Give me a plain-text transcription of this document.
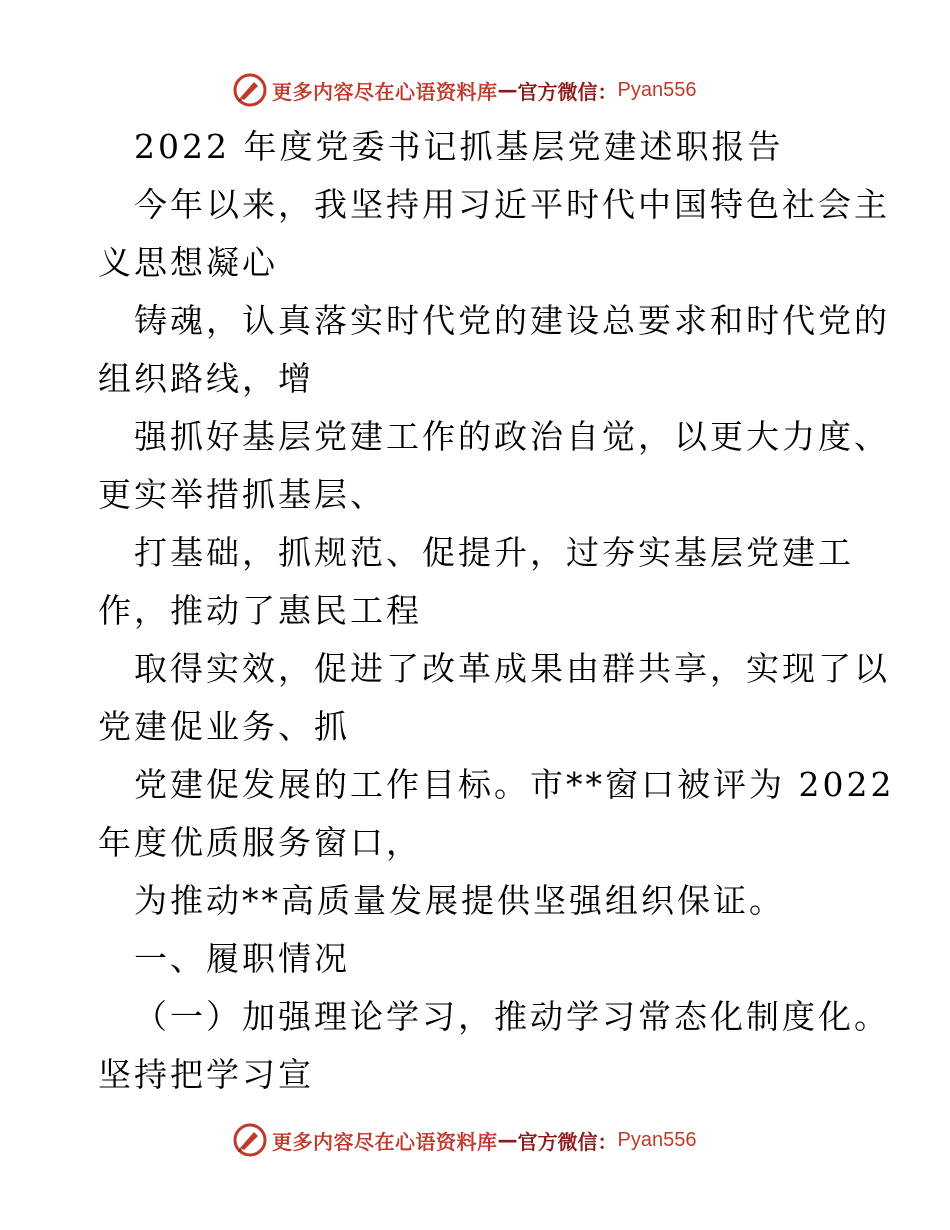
更多内容尽在心语资料库 — 官方微信： Pyan556
2022 年度党委书记抓基层党建述职报告
今年以来，我坚持用习近平时代中国特色社会主
义思想凝心
铸魂，认真落实时代党的建设总要求和时代党的
组织路线，增
强抓好基层党建工作的政治自觉，以更大力度、
更实举措抓基层、
打基础，抓规范、促提升，过夯实基层党建工
作，推动了惠民工程
取得实效，促进了改革成果由群共享，实现了以
党建促业务、抓
党建促发展的工作目标。市**窗口被评为 2022
年度优质服务窗口，
为推动**高质量发展提供坚强组织保证。
一、履职情况
（一）加强理论学习，推动学习常态化制度化。
坚持把学习宣
更多内容尽在心语资料库 — 官方微信： Pyan556
